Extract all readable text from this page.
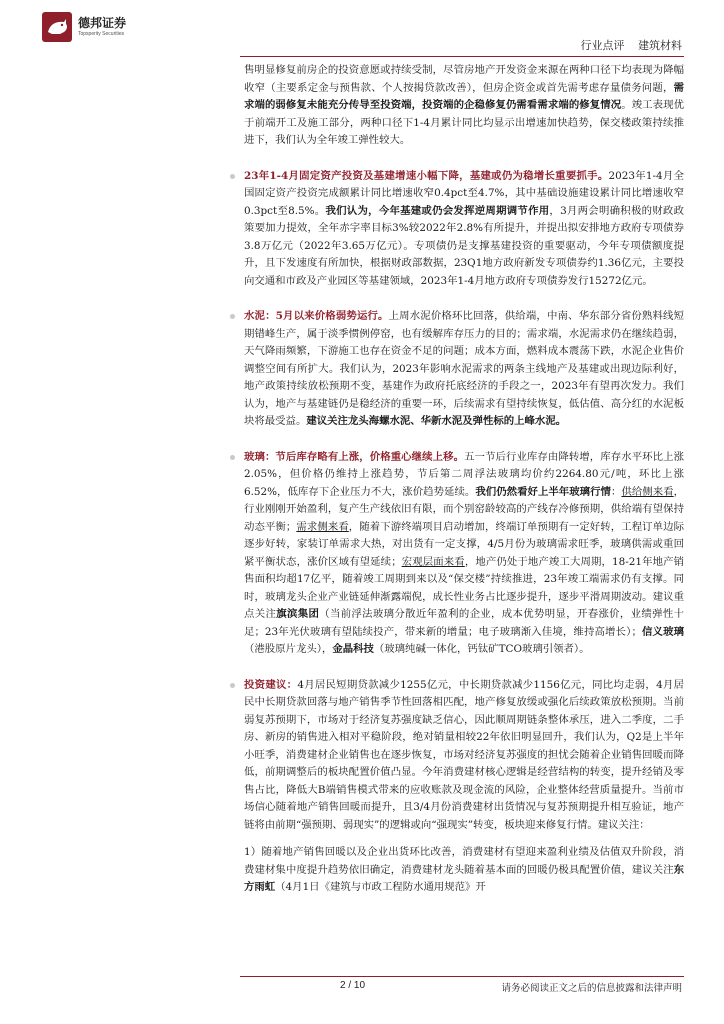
德邦证券
Topsperity Securities
行业点评 建筑材料

售明显修复前房企的投资意愿或持续受制，尽管房地产开发资金来源在两种口径下均表现为降幅收窄（主要系定金与预售款、个人按揭贷款改善），但房企资金或首先需考虑存量债务问题，需求端的弱修复未能充分传导至投资端，投资端的企稳修复仍需看需求端的修复情况。竣工表现优于前端开工及施工部分，两种口径下1-4月累计同比均显示出增速加快趋势，保交楼政策持续推进下，我们认为全年竣工弹性较大。

23年1-4月固定资产投资及基建增速小幅下降，基建或仍为稳增长重要抓手。2023年1-4月全国固定资产投资完成额累计同比增速收窄0.4pct至4.7%，其中基础设施建设累计同比增速收窄0.3pct至8.5%。我们认为，今年基建或仍会发挥逆周期调节作用，3月两会明确积极的财政政策要加力提效，全年赤字率目标3%较2022年2.8%有所提升，并提出拟安排地方政府专项债券3.8万亿元（2022年3.65万亿元）。专项债仍是支撑基建投资的重要驱动，今年专项债额度提升，且下发速度有所加快，根据财政部数据，23Q1地方政府新发专项债券约1.36亿元，主要投向交通和市政及产业园区等基建领域，2023年1-4月地方政府专项债券发行15272亿元。

水泥：5月以来价格弱势运行。上周水泥价格环比回落，供给端，中南、华东部分省份熟料线短期错峰生产，属于淡季惯例停窑，也有缓解库存压力的目的；需求端，水泥需求仍在继续趋弱，天气降雨频繁，下游施工也存在资金不足的问题；成本方面，燃料成本震荡下跌，水泥企业售价调整空间有所扩大。我们认为，2023年影响水泥需求的两条主线地产及基建或出现边际利好，地产政策持续放松预期不变，基建作为政府托底经济的手段之一，2023年有望再次发力。我们认为，地产与基建链仍是稳经济的重要一环，后续需求有望持续恢复，低估值、高分红的水泥板块将最受益。建议关注龙头海螺水泥、华新水泥及弹性标的上峰水泥。

玻璃：节后库存略有上涨，价格重心继续上移。五一节后行业库存由降转增，库存水平环比上涨2.05%，但价格仍维持上涨趋势，节后第二周浮法玻璃均价约2264.80元/吨，环比上涨6.52%，低库存下企业压力不大，涨价趋势延续。我们仍然看好上半年玻璃行情：供给侧来看，行业刚刚开始盈利，复产生产线依旧有限，而个别窑龄较高的产线存冷修预期，供给端有望保持动态平衡；需求侧来看，随着下游终端项目启动增加，终端订单预期有一定好转，工程订单边际逐步好转，家装订单需求大热，对出货有一定支撑，4/5月份为玻璃需求旺季，玻璃供需或重回紧平衡状态，涨价区域有望延续；宏观层面来看，地产仍处于地产竣工大周期，18-21年地产销售面积均超17亿平，随着竣工周期到来以及“保交楼”持续推进，23年竣工端需求仍有支撑。同时，玻璃龙头企业产业链延伸渐露端倪，成长性业务占比逐步提升，逐步平滑周期波动。建议重点关注旗滨集团（当前浮法玻璃分散近年盈利的企业，成本优势明显，开春涨价，业绩弹性十足；23年光伏玻璃有望陆续投产，带来新的增量；电子玻璃渐入佳境，维持高增长）；信义玻璃（港股原片龙头），金晶科技（玻璃纯碱一体化，钙钛矿TCO玻璃引领者）。

投资建议：4月居民短期贷款减少1255亿元，中长期贷款减少1156亿元，同比均走弱，4月居民中长期贷款回落与地产销售季节性回落相匹配，地产修复放缓或强化后续政策放松预期。当前弱复苏预期下，市场对于经济复苏强度缺乏信心，因此顺周期链条整体承压，进入二季度，二手房、新房的销售进入相对平稳阶段，绝对销量相较22年依旧明显回升，我们认为，Q2是上半年小旺季，消费建材企业销售也在逐步恢复，市场对经济复苏强度的担忧会随着企业销售回暖而降低，前期调整后的板块配置价值凸显。今年消费建材核心逻辑是经营结构的转变，提升经销及零售占比，降低大B端销售模式带来的应收账款及现金流的风险，企业整体经营质量提升。当前市场信心随着地产销售回暖而提升，且3/4月份消费建材出货情况与复苏预期提升相互验证，地产链将由前期“强预期、弱现实”的逻辑或向“强现实”转变，板块迎来修复行情。建议关注：

1）随着地产销售回暖以及企业出货环比改善，消费建材有望迎来盈利业绩及估值双升阶段，消费建材集中度提升趋势依旧确定，消费建材龙头随着基本面的回暖仍极具配置价值，建议关注东方雨虹（4月1日《建筑与市政工程防水通用规范》开

2 / 10	请务必阅读正文之后的信息披露和法律声明
